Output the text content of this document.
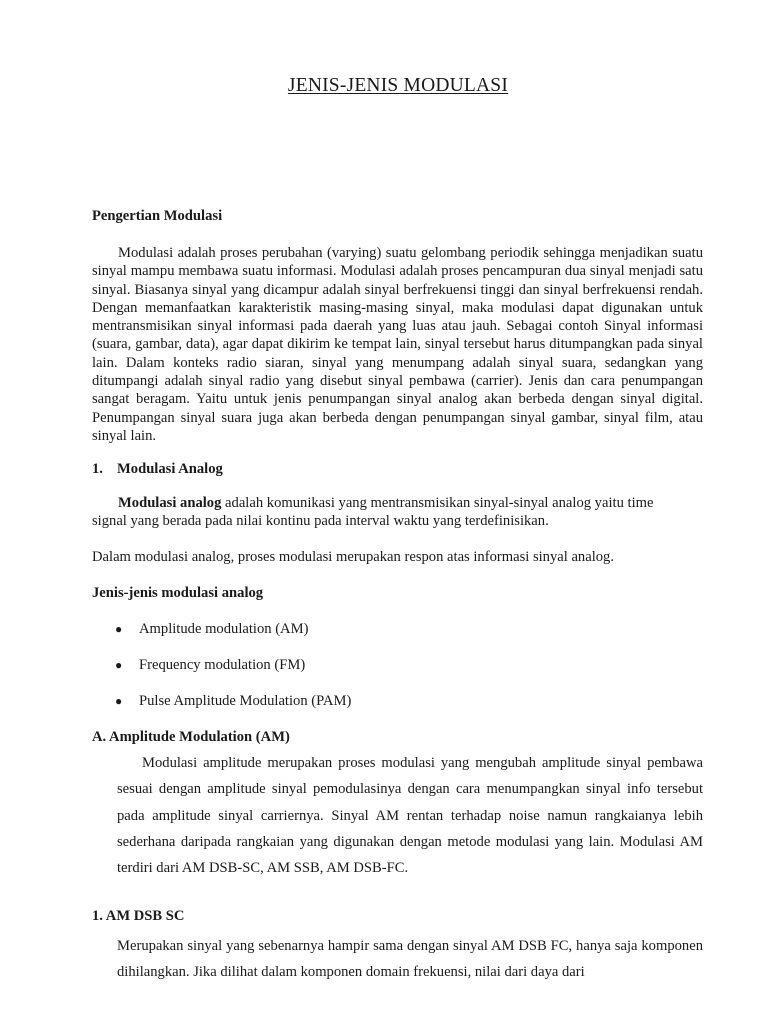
JENIS-JENIS MODULASI
Pengertian Modulasi
Modulasi adalah proses perubahan (varying) suatu gelombang periodik sehingga menjadikan suatu sinyal mampu membawa suatu informasi. Modulasi adalah proses pencampuran dua sinyal menjadi satu sinyal. Biasanya sinyal yang dicampur adalah sinyal berfrekuensi tinggi dan sinyal berfrekuensi rendah. Dengan memanfaatkan karakteristik masing-masing sinyal, maka modulasi dapat digunakan untuk mentransmisikan sinyal informasi pada daerah yang luas atau jauh. Sebagai contoh Sinyal informasi (suara, gambar, data), agar dapat dikirim ke tempat lain, sinyal tersebut harus ditumpangkan pada sinyal lain. Dalam konteks radio siaran, sinyal yang menumpang adalah sinyal suara, sedangkan yang ditumpangi adalah sinyal radio yang disebut sinyal pembawa (carrier). Jenis dan cara penumpangan sangat beragam. Yaitu untuk jenis penumpangan sinyal analog akan berbeda dengan sinyal digital. Penumpangan sinyal suara juga akan berbeda dengan penumpangan sinyal gambar, sinyal film, atau sinyal lain.
1. Modulasi Analog
Modulasi analog adalah komunikasi yang mentransmisikan sinyal-sinyal analog yaitu time
signal yang berada pada nilai kontinu pada interval waktu yang terdefinisikan.
Dalam modulasi analog, proses modulasi merupakan respon atas informasi sinyal analog.
Jenis-jenis modulasi analog
● Amplitude modulation (AM)
● Frequency modulation (FM)
● Pulse Amplitude Modulation (PAM)
A. Amplitude Modulation (AM)
Modulasi amplitude merupakan proses modulasi yang mengubah amplitude sinyal pembawa sesuai dengan amplitude sinyal pemodulasinya dengan cara menumpangkan sinyal info tersebut pada amplitude sinyal carriernya. Sinyal AM rentan terhadap noise namun rangkaianya lebih sederhana daripada rangkaian yang digunakan dengan metode modulasi yang lain. Modulasi AM terdiri dari AM DSB-SC, AM SSB, AM DSB-FC.
1. AM DSB SC
Merupakan sinyal yang sebenarnya hampir sama dengan sinyal AM DSB FC, hanya saja komponen dihilangkan. Jika dilihat dalam komponen domain frekuensi, nilai dari daya dari
